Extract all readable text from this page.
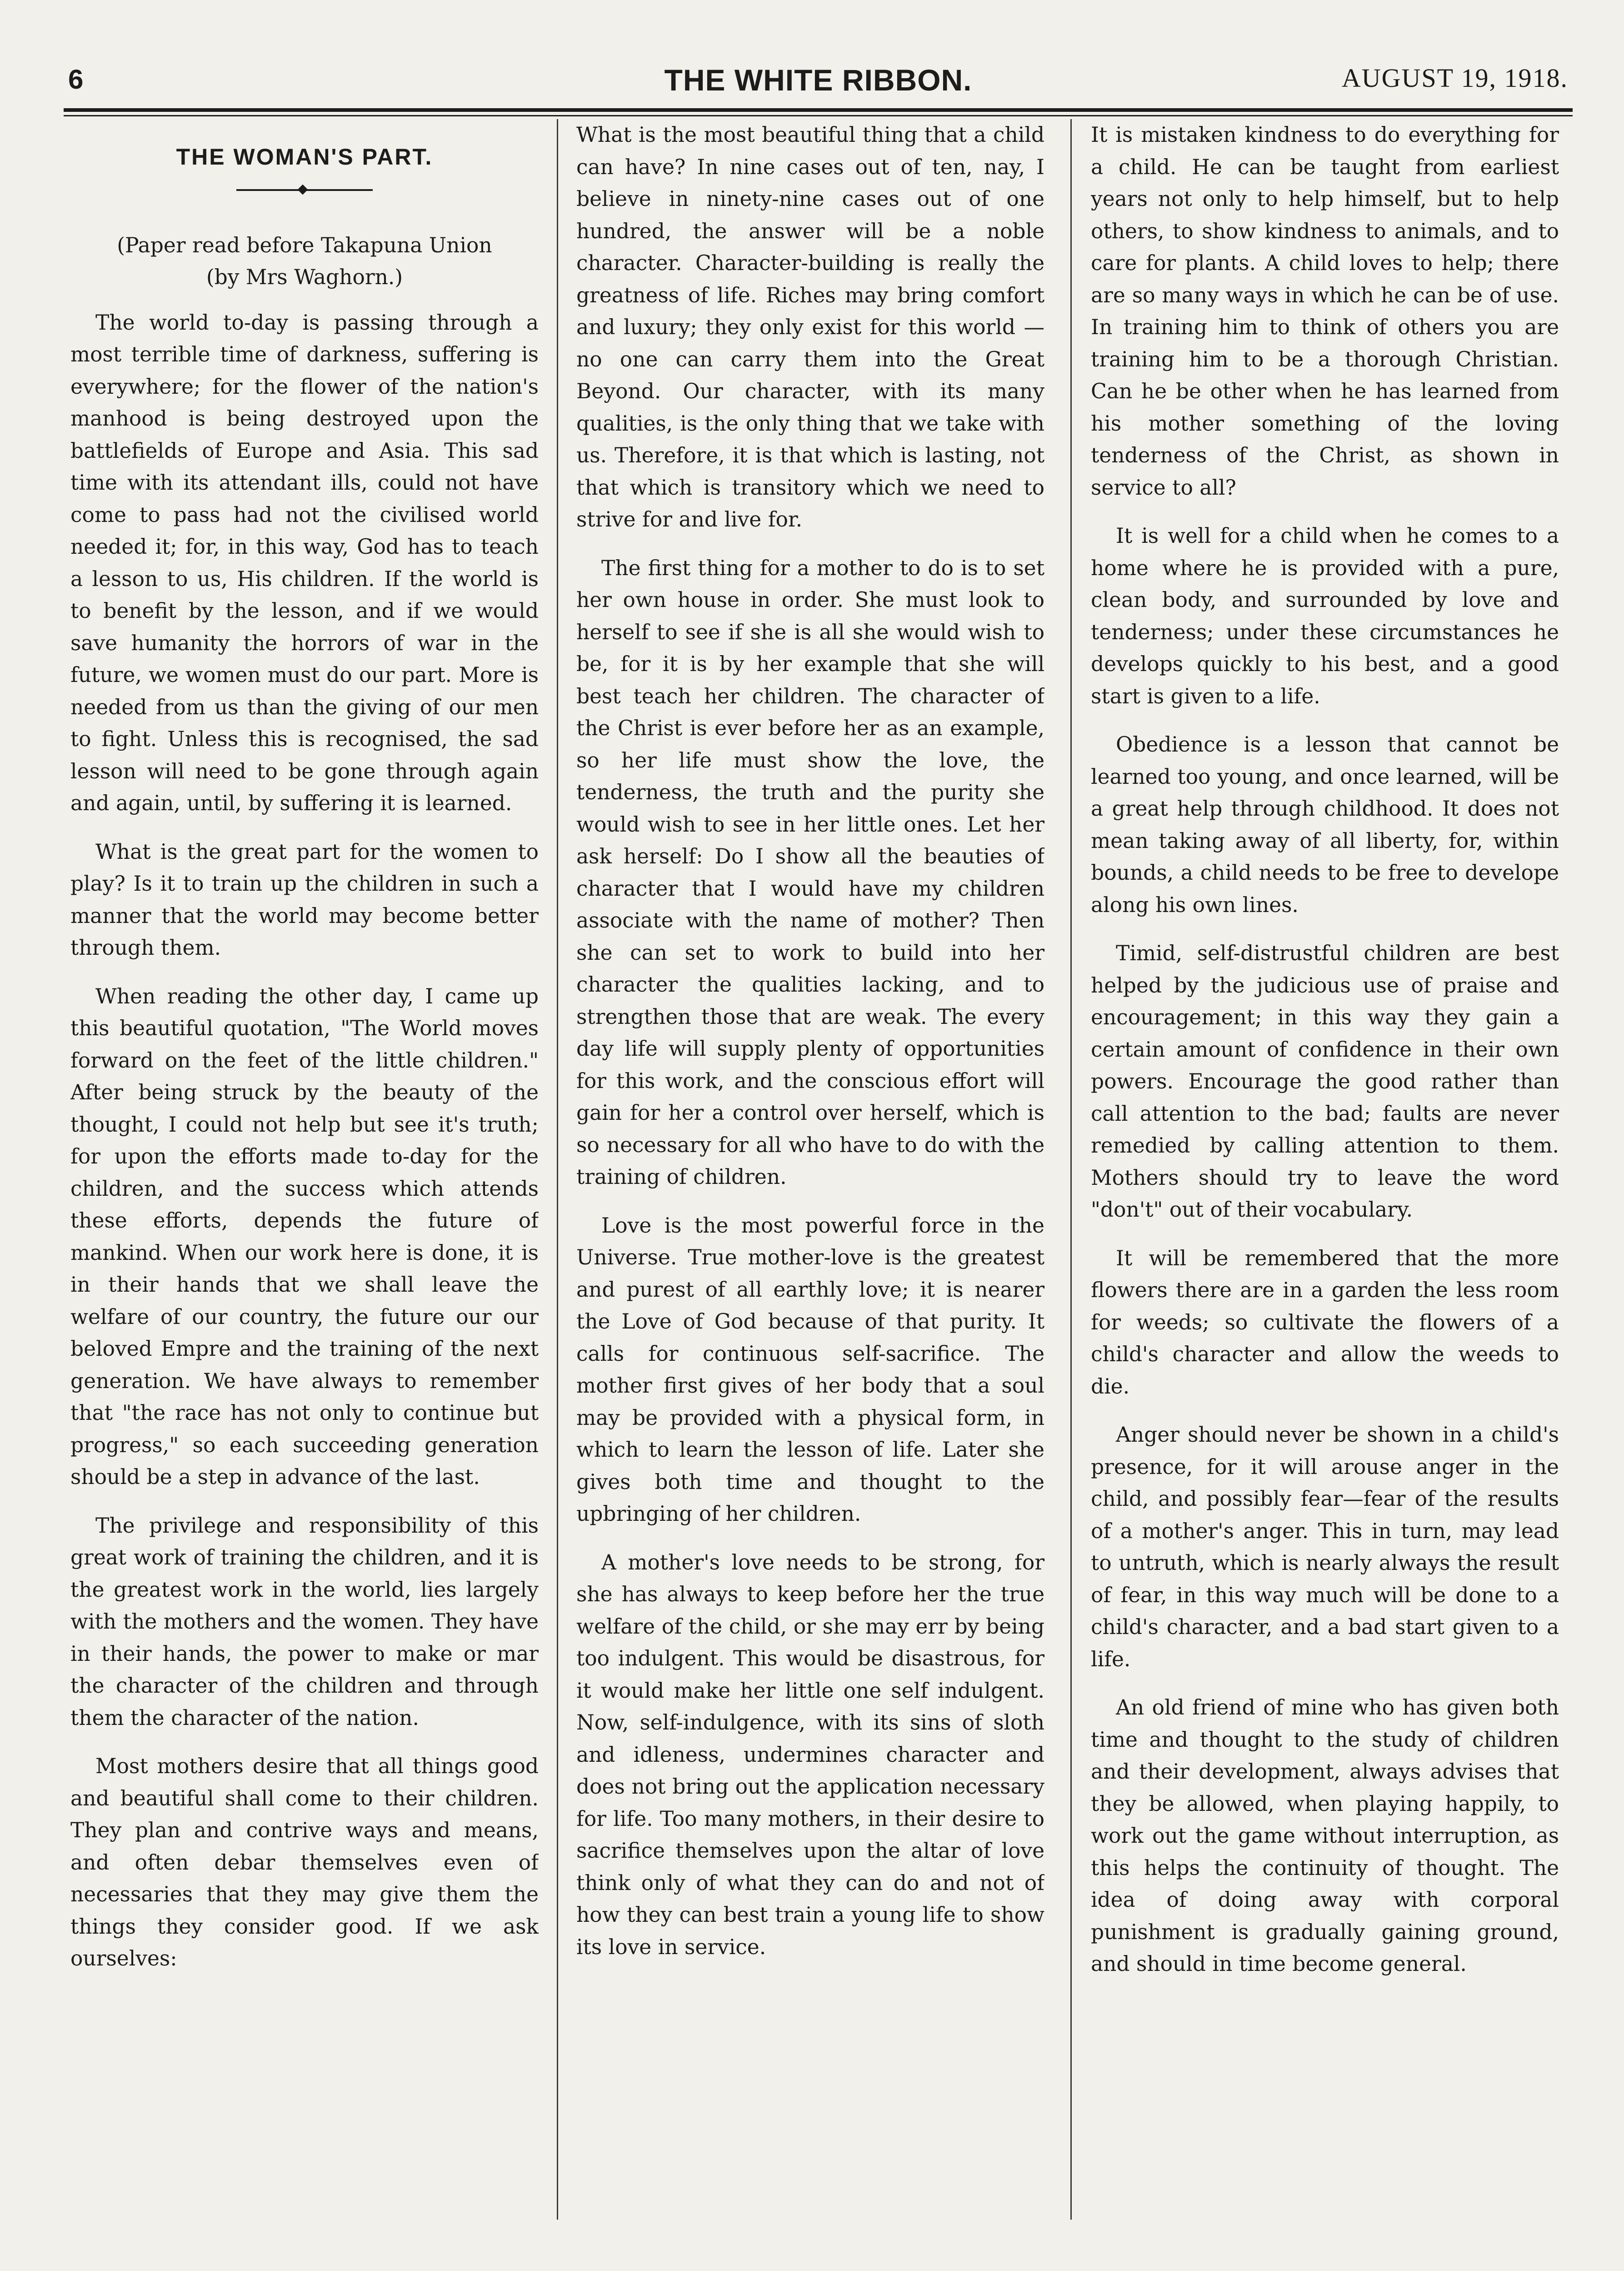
6	THE WHITE RIBBON.	AUGUST 19, 1918.
THE WOMAN'S PART.
(Paper read before Takapuna Union
(by Mrs Waghorn.)

The world to-day is passing through a most terrible time of darkness, suffering is everywhere; for the flower of the nation's manhood is being destroyed upon the battlefields of Europe and Asia. This sad time with its attendant ills, could not have come to pass had not the civilised world needed it; for, in this way, God has to teach a lesson to us, His children. If the world is to benefit by the lesson, and if we would save humanity the horrors of war in the future, we women must do our part. More is needed from us than the giving of our men to fight. Unless this is recognised, the sad lesson will need to be gone through again and again, until, by suffering it is learned.

What is the great part for the women to play? Is it to train up the children in such a manner that the world may become better through them.

When reading the other day, I came up this beautiful quotation, "The World moves forward on the feet of the little children." After being struck by the beauty of the thought, I could not help but see it's truth; for upon the efforts made to-day for the children, and the success which attends these efforts, depends the future of mankind. When our work here is done, it is in their hands that we shall leave the welfare of our country, the future our our beloved Empre and the training of the next generation. We have always to remember that "the race has not only to continue but progress," so each succeeding generation should be a step in advance of the last.

The privilege and responsibility of this great work of training the children, and it is the greatest work in the world, lies largely with the mothers and the women. They have in their hands, the power to make or mar the character of the children and through them the character of the nation.

Most mothers desire that all things good and beautiful shall come to their children. They plan and contrive ways and means, and often debar themselves even of necessaries that they may give them the things they consider good. If we ask ourselves:

What is the most beautiful thing that a child can have? In nine cases out of ten, nay, I believe in ninety-nine cases out of one hundred, the answer will be a noble character. Character-building is really the greatness of life. Riches may bring comfort and luxury; they only exist for this world —no one can carry them into the Great Beyond. Our character, with its many qualities, is the only thing that we take with us. Therefore, it is that which is lasting, not that which is transitory which we need to strive for and live for.

The first thing for a mother to do is to set her own house in order. She must look to herself to see if she is all she would wish to be, for it is by her example that she will best teach her children. The character of the Christ is ever before her as an example, so her life must show the love, the tenderness, the truth and the purity she would wish to see in her little ones. Let her ask herself: Do I show all the beauties of character that I would have my children associate with the name of mother? Then she can set to work to build into her character the qualities lacking, and to strengthen those that are weak. The every day life will supply plenty of opportunities for this work, and the conscious effort will gain for her a control over herself, which is so necessary for all who have to do with the training of children.

Love is the most powerful force in the Universe. True mother-love is the greatest and purest of all earthly love; it is nearer the Love of God because of that purity. It calls for continuous self-sacrifice. The mother first gives of her body that a soul may be provided with a physical form, in which to learn the lesson of life. Later she gives both time and thought to the upbringing of her children.

A mother's love needs to be strong, for she has always to keep before her the true welfare of the child, or she may err by being too indulgent. This would be disastrous, for it would make her little one self indulgent. Now, self-indulgence, with its sins of sloth and idleness, undermines character and does not bring out the application necessary for life. Too many mothers, in their desire to sacrifice themselves upon the altar of love think only of what they can do and not of how they can best train a young life to show its love in service.

It is mistaken kindness to do everything for a child. He can be taught from earliest years not only to help himself, but to help others, to show kindness to animals, and to care for plants. A child loves to help; there are so many ways in which he can be of use. In training him to think of others you are training him to be a thorough Christian. Can he be other when he has learned from his mother something of the loving tenderness of the Christ, as shown in service to all?

It is well for a child when he comes to a home where he is provided with a pure, clean body, and surrounded by love and tenderness; under these circumstances he develops quickly to his best, and a good start is given to a life.

Obedience is a lesson that cannot be learned too young, and once learned, will be a great help through childhood. It does not mean taking away of all liberty, for, within bounds, a child needs to be free to develope along his own lines.

Timid, self-distrustful children are best helped by the judicious use of praise and encouragement; in this way they gain a certain amount of confidence in their own powers. Encourage the good rather than call attention to the bad; faults are never remedied by calling attention to them. Mothers should try to leave the word "don't" out of their vocabulary.

It will be remembered that the more flowers there are in a garden the less room for weeds; so cultivate the flowers of a child's character and allow the weeds to die.

Anger should never be shown in a child's presence, for it will arouse anger in the child, and possibly fear—fear of the results of a mother's anger. This in turn, may lead to untruth, which is nearly always the result of fear, in this way much will be done to a child's character, and a bad start given to a life.

An old friend of mine who has given both time and thought to the study of children and their development, always advises that they be allowed, when playing happily, to work out the game without interruption, as this helps the continuity of thought. The idea of doing away with corporal punishment is gradually gaining ground, and should in time become general.
